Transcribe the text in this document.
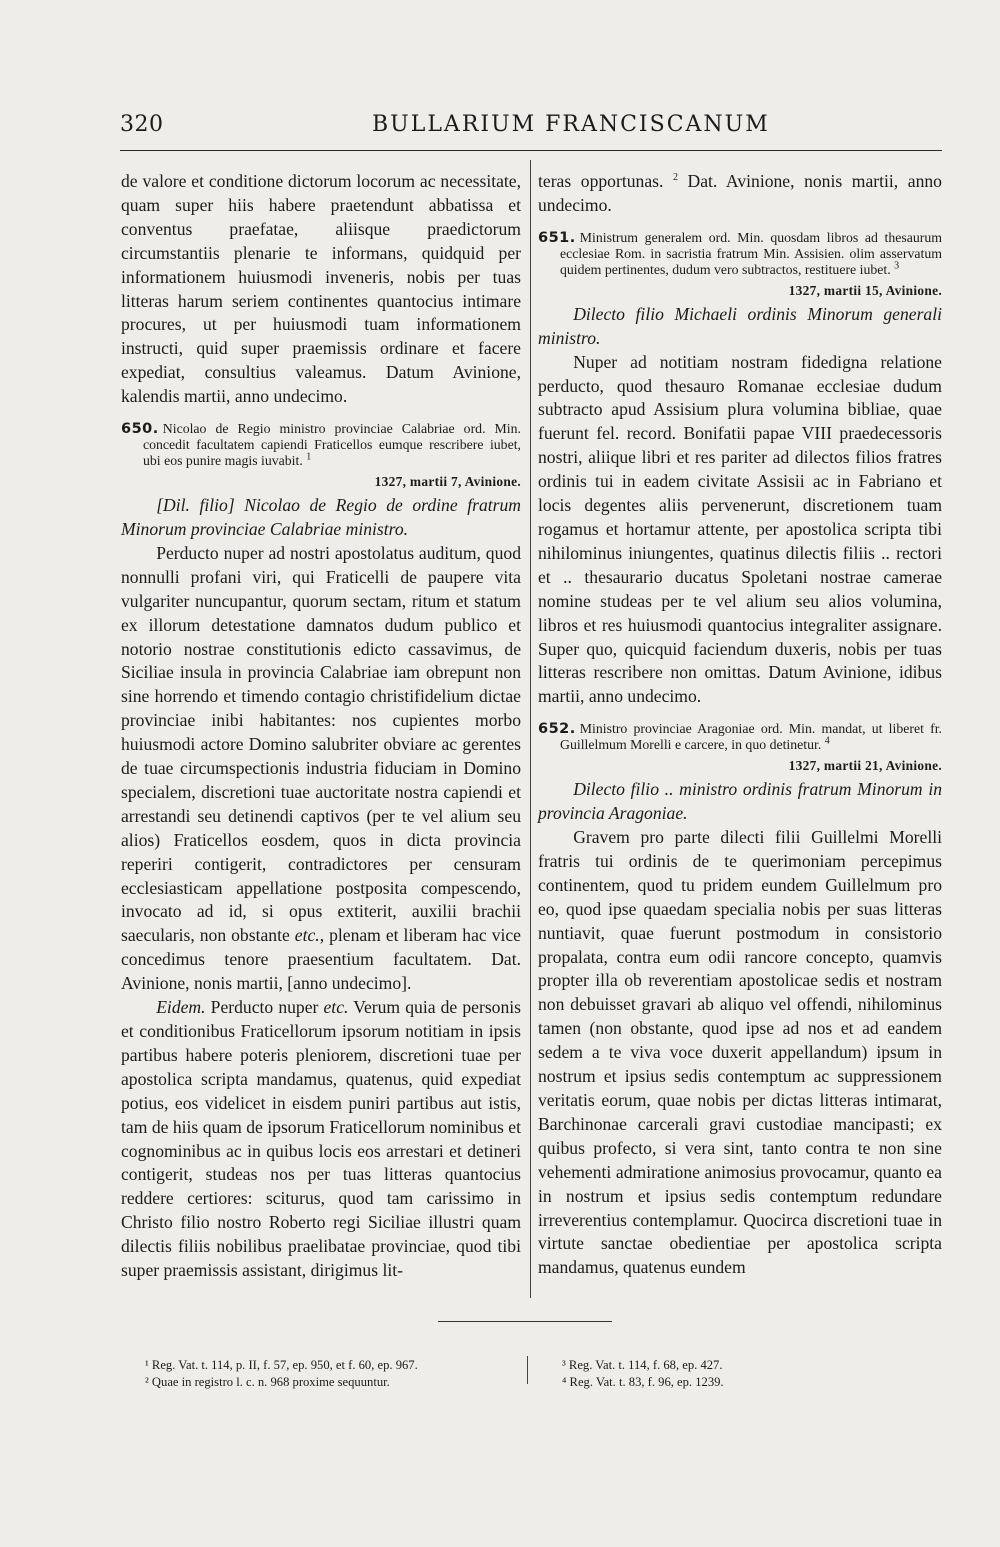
320	BULLARIUM FRANCISCANUM

de valore et conditione dictorum locorum ac necessitate, quam super hiis habere praetendunt abbatissa et conventus praefatae, aliisque praedictorum circumstantiis plenarie te informans, quidquid per informationem huiusmodi inveneris, nobis per tuas litteras harum seriem continentes quantocius intimare procures, ut per huiusmodi tuam informationem instructi, quid super praemissis ordinare et facere expediat, consultius valeamus. Datum Avinione, kalendis martii, anno undecimo.

650. Nicolao de Regio ministro provinciae Calabriae ord. Min. concedit facultatem capiendi Fraticellos eumque rescribere iubet, ubi eos punire magis iuvabit. $^1$

1327, martii 7, Avinione.

[Dil. filio] Nicolao de Regio de ordine fratrum Minorum provinciae Calabriae ministro.

Perducto nuper ad nostri apostolatus auditum, quod nonnulli profani viri, qui Fraticelli de paupere vita vulgariter nuncupantur, quorum sectam, ritum et statum ex illorum detestatione damnatos dudum publico et notorio nostrae constitutionis edicto cassavimus, de Siciliae insula in provincia Calabriae iam obrepunt non sine horrendo et timendo contagio christifidelium dictae provinciae inibi habitantes: nos cupientes morbo huiusmodi actore Domino salubriter obviare ac gerentes de tuae circumspectionis industria fiduciam in Domino specialem, discretioni tuae auctoritate nostra capiendi et arrestandi seu detinendi captivos (per te vel alium seu alios) Fraticellos eosdem, quos in dicta provincia reperiri contigerit, contradictores per censuram ecclesiasticam appellatione postposita compescendo, invocato ad id, si opus extiterit, auxilii brachii saecularis, non obstante etc., plenam et liberam hac vice concedimus tenore praesentium facultatem. Dat. Avinione, nonis martii, [anno undecimo].

Eidem. Perducto nuper etc. Verum quia de personis et conditionibus Fraticellorum ipsorum notitiam in ipsis partibus habere poteris pleniorem, discretioni tuae per apostolica scripta mandamus, quatenus, quid expediat potius, eos videlicet in eisdem puniri partibus aut istis, tam de hiis quam de ipsorum Fraticellorum nominibus et cognominibus ac in quibus locis eos arrestari et detineri contigerit, studeas nos per tuas litteras quantocius reddere certiores: sciturus, quod tam carissimo in Christo filio nostro Roberto regi Siciliae illustri quam dilectis filiis nobilibus praelibatae provinciae, quod tibi super praemissis assistant, dirigimus lit-

teras opportunas. $^2$ Dat. Avinione, nonis martii, anno undecimo.

651. Ministrum generalem ord. Min. quosdam libros ad thesaurum ecclesiae Rom. in sacristia fratrum Min. Assisien. olim asservatum quidem pertinentes, dudum vero subtractos, restituere iubet. $^3$

1327, martii 15, Avinione.

Dilecto filio Michaeli ordinis Minorum generali ministro.

Nuper ad notitiam nostram fidedigna relatione perducto, quod thesauro Romanae ecclesiae dudum subtracto apud Assisium plura volumina bibliae, quae fuerunt fel. record. Bonifatii papae VIII praedecessoris nostri, aliique libri et res pariter ad dilectos filios fratres ordinis tui in eadem civitate Assisii ac in Fabriano et locis degentes aliis pervenerunt, discretionem tuam rogamus et hortamur attente, per apostolica scripta tibi nihilominus iniungentes, quatinus dilectis filiis .. rectori et .. thesaurario ducatus Spoletani nostrae camerae nomine studeas per te vel alium seu alios volumina, libros et res huiusmodi quantocius integraliter assignare. Super quo, quicquid faciendum duxeris, nobis per tuas litteras rescribere non omittas. Datum Avinione, idibus martii, anno undecimo.

652. Ministro provinciae Aragoniae ord. Min. mandat, ut liberet fr. Guillelmum Morelli e carcere, in quo detinetur. $^4$

1327, martii 21, Avinione.

Dilecto filio .. ministro ordinis fratrum Minorum in provincia Aragoniae.

Gravem pro parte dilecti filii Guillelmi Morelli fratris tui ordinis de te querimoniam percepimus continentem, quod tu pridem eundem Guillelmum pro eo, quod ipse quaedam specialia nobis per suas litteras nuntiavit, quae fuerunt postmodum in consistorio propalata, contra eum odii rancore concepto, quamvis propter illa ob reverentiam apostolicae sedis et nostram non debuisset gravari ab aliquo vel offendi, nihilominus tamen (non obstante, quod ipse ad nos et ad eandem sedem a te viva voce duxerit appellandum) ipsum in nostrum et ipsius sedis contemptum ac suppressionem veritatis eorum, quae nobis per dictas litteras intimarat, Barchinonae carcerali gravi custodiae mancipasti; ex quibus profecto, si vera sint, tanto contra te non sine vehementi admiratione animosius provocamur, quanto ea in nostrum et ipsius sedis contemptum redundare irreverentius contemplamur. Quocirca discretioni tuae in virtute sanctae obedientiae per apostolica scripta mandamus, quatenus eundem

¹ Reg. Vat. t. 114, p. II, f. 57, ep. 950, et f. 60, ep. 967.
² Quae in registro l. c. n. 968 proxime sequuntur.
³ Reg. Vat. t. 114, f. 68, ep. 427.
⁴ Reg. Vat. t. 83, f. 96, ep. 1239.
